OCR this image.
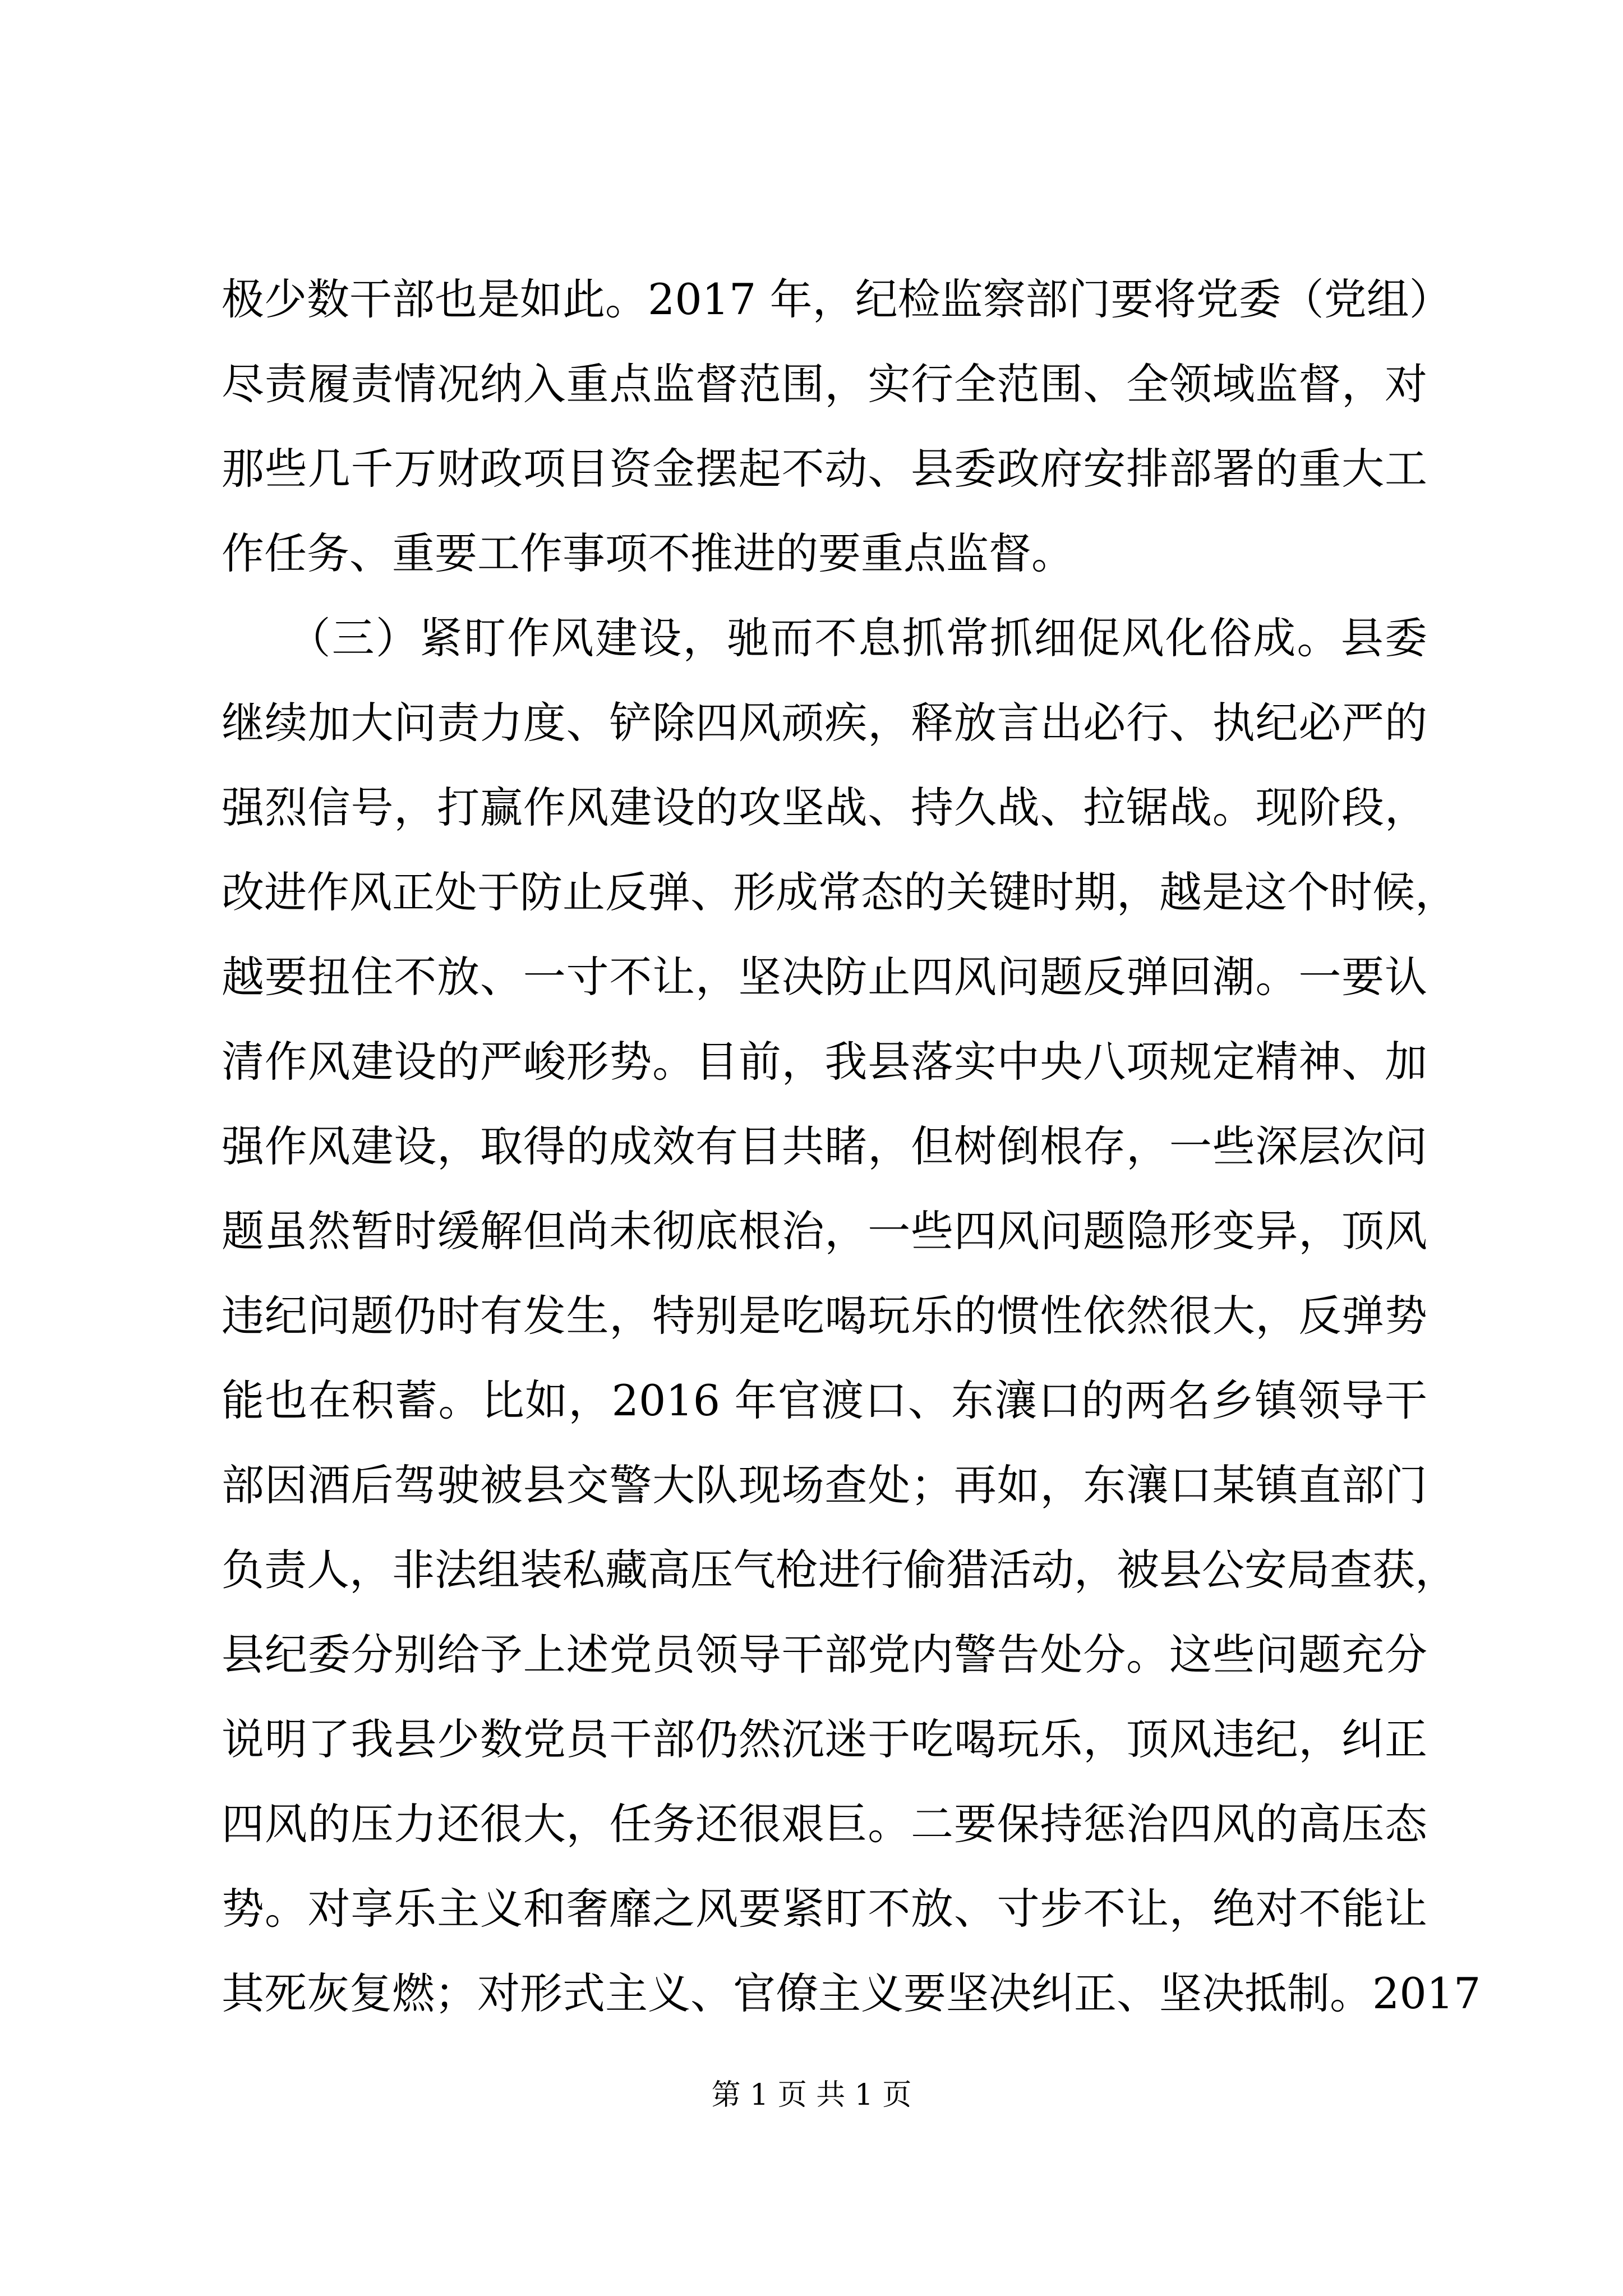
极少数干部也是如此。2017 年，纪检监察部门要将党委（党组）
尽责履责情况纳入重点监督范围，实行全范围、全领域监督，对
那些几千万财政项目资金摆起不动、县委政府安排部署的重大工
作任务、重要工作事项不推进的要重点监督。
　　（三）紧盯作风建设，驰而不息抓常抓细促风化俗成。县委
继续加大问责力度、铲除四风顽疾，释放言出必行、执纪必严的
强烈信号，打赢作风建设的攻坚战、持久战、拉锯战。现阶段，
改进作风正处于防止反弹、形成常态的关键时期，越是这个时候，
越要扭住不放、一寸不让，坚决防止四风问题反弹回潮。一要认
清作风建设的严峻形势。目前，我县落实中央八项规定精神、加
强作风建设，取得的成效有目共睹，但树倒根存，一些深层次问
题虽然暂时缓解但尚未彻底根治，一些四风问题隐形变异，顶风
违纪问题仍时有发生，特别是吃喝玩乐的惯性依然很大，反弹势
能也在积蓄。比如，2016 年官渡口、东瀼口的两名乡镇领导干
部因酒后驾驶被县交警大队现场查处；再如，东瀼口某镇直部门
负责人，非法组装私藏高压气枪进行偷猎活动，被县公安局查获，
县纪委分别给予上述党员领导干部党内警告处分。这些问题充分
说明了我县少数党员干部仍然沉迷于吃喝玩乐，顶风违纪，纠正
四风的压力还很大，任务还很艰巨。二要保持惩治四风的高压态
势。对享乐主义和奢靡之风要紧盯不放、寸步不让，绝对不能让
其死灰复燃；对形式主义、官僚主义要坚决纠正、坚决抵制。2017
第 1 页 共 1 页
